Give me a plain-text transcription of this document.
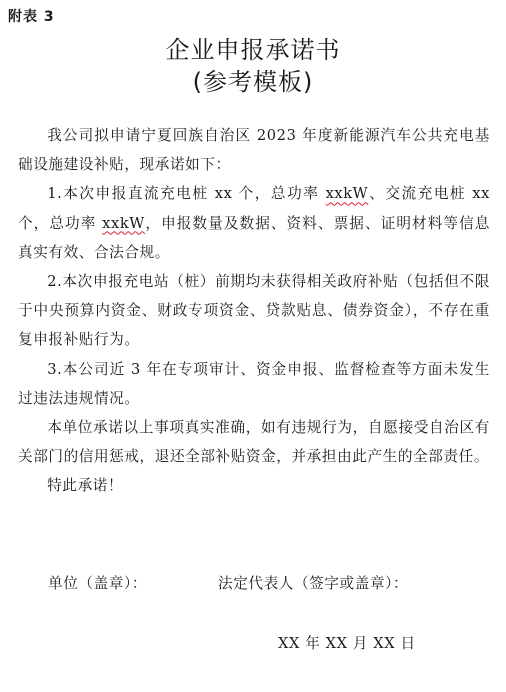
附表 3
企业申报承诺书
(参考模板)

我公司拟申请宁夏回族自治区 2023 年度新能源汽车公共充电基础设施建设补贴，现承诺如下：

1.本次申报直流充电桩 xx 个，总功率 xxkW、交流充电桩 xx 个，总功率 xxkW，申报数量及数据、资料、票据、证明材料等信息真实有效、合法合规。

2.本次申报充电站（桩）前期均未获得相关政府补贴（包括但不限于中央预算内资金、财政专项资金、贷款贴息、债券资金），不存在重复申报补贴行为。

3.本公司近 3 年在专项审计、资金申报、监督检查等方面未发生过违法违规情况。

本单位承诺以上事项真实准确，如有违规行为，自愿接受自治区有关部门的信用惩戒，退还全部补贴资金，并承担由此产生的全部责任。

特此承诺！

单位（盖章）：	法定代表人（签字或盖章）：
XX 年 XX 月 XX 日
